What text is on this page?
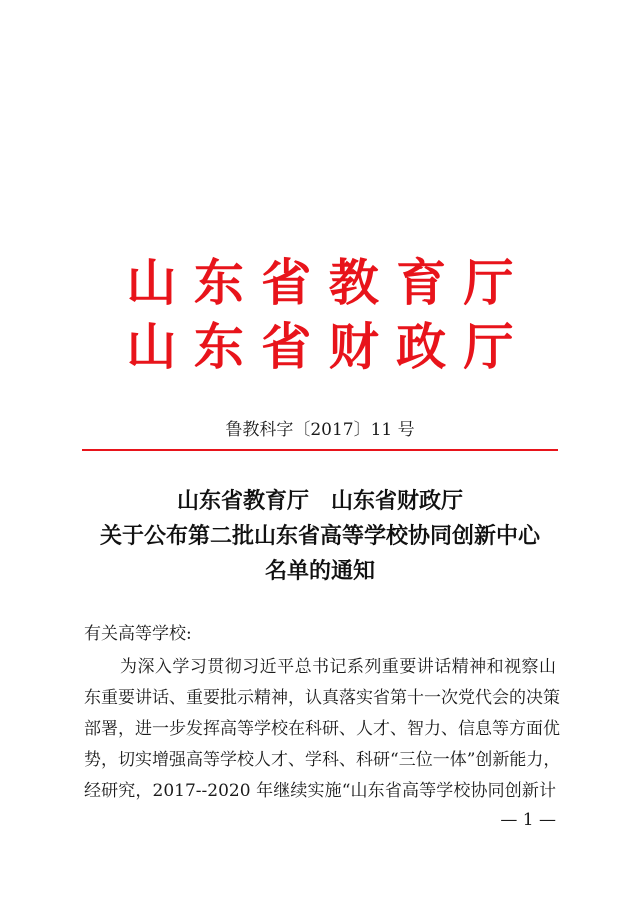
山 东 省 教 育 厅
山 东 省 财 政 厅
鲁教科字〔2017〕11 号
山东省教育厅　山东省财政厅
关于公布第二批山东省高等学校协同创新中心
名单的通知
有关高等学校:
为深入学习贯彻习近平总书记系列重要讲话精神和视察山
东重要讲话、重要批示精神，认真落实省第十一次党代会的决策
部署，进一步发挥高等学校在科研、人才、智力、信息等方面优
势，切实增强高等学校人才、学科、科研“三位一体”创新能力，
经研究，2017--2020 年继续实施“山东省高等学校协同创新计
— 1 —
